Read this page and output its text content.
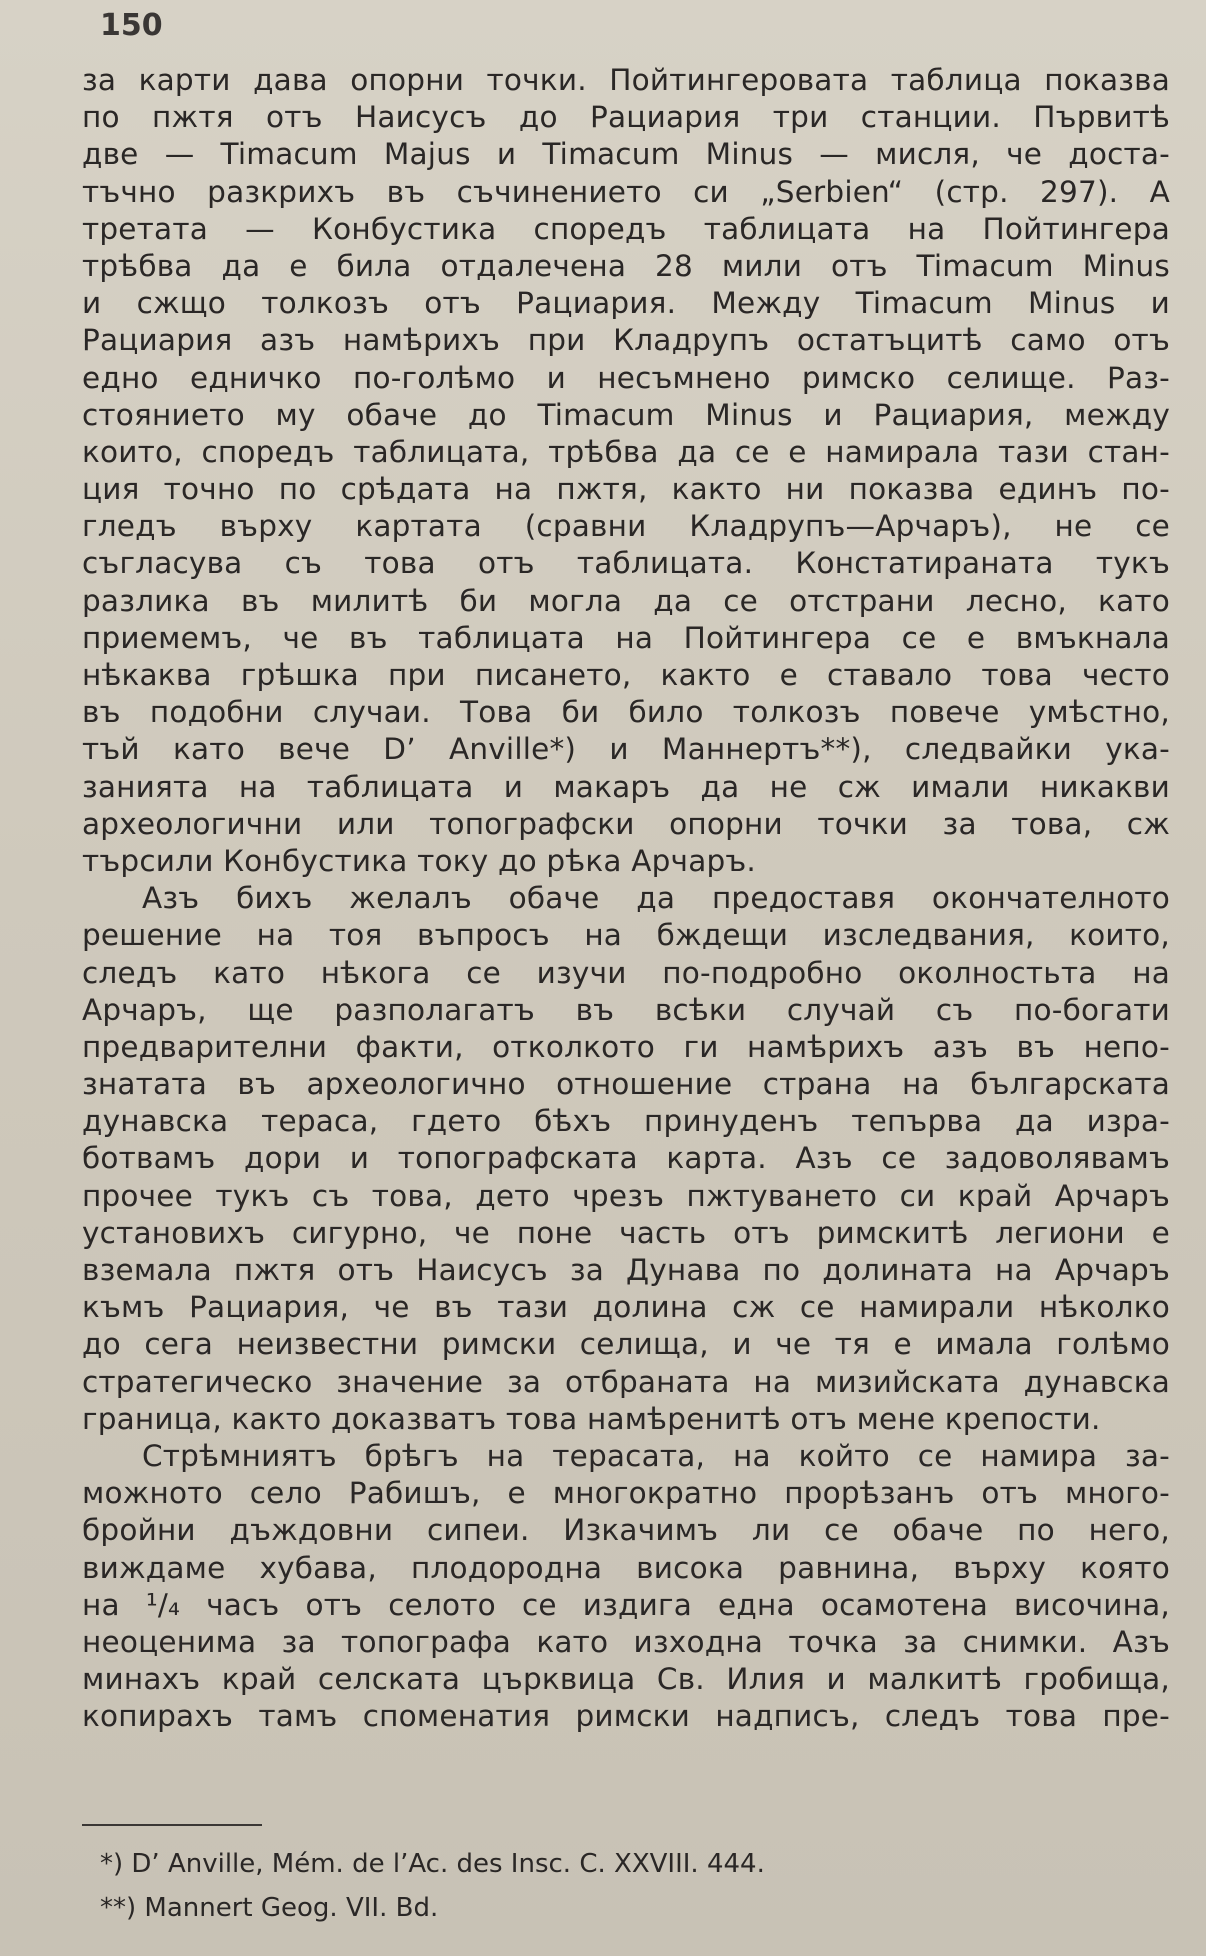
150
за карти дава опорни точки. Пойтингеровата таблица показва
по пжтя отъ Наисусъ до Рациария три станции. Първитѣ
две — Timacum Majus и Timacum Minus — мисля, че доста-
тъчно разкрихъ въ съчинението си „Serbien“ (стр. 297). А
третата — Конбустика споредъ таблицата на Пойтингера
трѣбва да е била отдалечена 28 мили отъ Timacum Minus
и сжщо толкозъ отъ Рациария. Между Timacum Minus и
Рациария азъ намѣрихъ при Кладрупъ остатъцитѣ само отъ
едно едничко по-голѣмо и несъмнено римско селище. Раз-
стоянието му обаче до Timacum Minus и Рациария, между
които, споредъ таблицата, трѣбва да се е намирала тази стан-
ция точно по срѣдата на пжтя, както ни показва единъ по-
гледъ върху картата (сравни Кладрупъ—Арчаръ), не се
съгласува съ това отъ таблицата. Констатираната тукъ
разлика въ милитѣ би могла да се отстрани лесно, като
приемемъ, че въ таблицата на Пойтингера се е вмъкнала
нѣкаква грѣшка при писането, както е ставало това често
въ подобни случаи. Това би било толкозъ повече умѣстно,
тъй като вече D’ Anville*) и Маннертъ**), следвайки ука-
занията на таблицата и макаръ да не сж имали никакви
археологични или топографски опорни точки за това, сж
търсили Конбустика току до рѣка Арчаръ.
Азъ бихъ желалъ обаче да предоставя окончателното
решение на тоя въпросъ на бждещи изследвания, които,
следъ като нѣкога се изучи по-подробно околностьта на
Арчаръ, ще разполагатъ въ всѣки случай съ по-богати
предварителни факти, отколкото ги намѣрихъ азъ въ непо-
знатата въ археологично отношение страна на българската
дунавска тераса, гдето бѣхъ принуденъ тепърва да изра-
ботвамъ дори и топографската карта. Азъ се задоволявамъ
прочее тукъ съ това, дето чрезъ пжтуването си край Арчаръ
установихъ сигурно, че поне часть отъ римскитѣ легиони е
вземала пжтя отъ Наисусъ за Дунава по долината на Арчаръ
къмъ Рациария, че въ тази долина сж се намирали нѣколко
до сега неизвестни римски селища, и че тя е имала голѣмо
стратегическо значение за отбраната на мизийската дунавска
граница, както доказватъ това намѣренитѣ отъ мене крепости.
Стрѣмниятъ брѣгъ на терасата, на който се намира за-
можното село Рабишъ, е многократно прорѣзанъ отъ много-
бройни дъждовни сипеи. Изкачимъ ли се обаче по него,
виждаме хубава, плодородна висока равнина, върху която
на ¹/₄ часъ отъ селото се издига една осамотена височина,
неоценима за топографа като изходна точка за снимки. Азъ
минахъ край селската църквица Св. Илия и малкитѣ гробища,
копирахъ тамъ споменатия римски надписъ, следъ това пре-
*) D’ Anville, Mém. de l’Ac. des Insc. C. XXVIII. 444.
**) Mannert Geog. VII. Bd.
